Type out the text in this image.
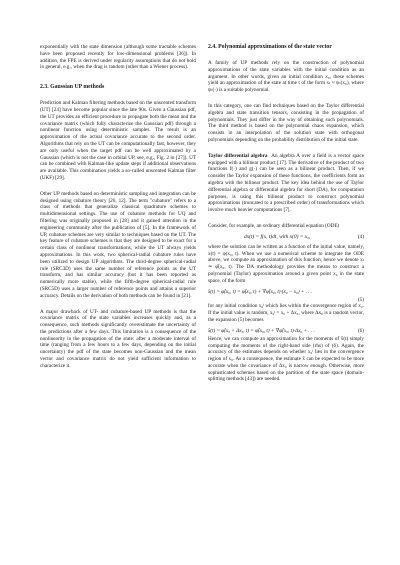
exponentially with the state dimension (although some tractable schemes have been proposed recently for low-dimensional problems [36]). In addition, the FPE is derived under regularity assumptions that do not hold in general, e.g., when the drag is random (other than a Wiener process).

2.3. Gaussian UP methods

Prediction and Kalman filtering methods based on the unscented transform (UT) [24] have become popular since the late 90s. Given a Gaussian pdf, the UT provides an efficient procedure to propagate both the mean and the covariance matrix (which fully characterize the Gaussian pdf) through a nonlinear function using deterministic samples. The result is an approximation of the actual covariance accurate to the second order. Algorithms that rely on the UT can be computationally fast, however, they are only useful when the target pdf can be well approximated by a Gaussian (which is not the case in orbital UP, see, e.g., Fig. 2 in [27]). UT can be combined with Kalman-like update steps if additional observations are available. This combination yields a so-called unscented Kalman filter (UKF) [29].

Other UP methods based on deterministic sampling and integration can be designed using cubature theory [26, 12]. The term "cubature" refers to a class of methods that generalize classical quadrature schemes to multidimensional settings. The use of cubature methods for UQ and filtering was originally proposed in [28] and it gained attention in the engineering community after the publication of [5]. In the framework of UP, cubature schemes are very similar to techniques based on the UT. The key feature of cubature schemes is that they are designed to be exact for a certain class of nonlinear transformations, while the UT always yields approximations. In this work, two spherical-radial cubature rules have been utilized to design UP algorithms. The third-degree spherical-radial rule (SRC3D) uses the same number of reference points as the UT transform, and has similar accuracy (but it has been reported as numerically more stable), while the fifth-degree spherical-radial rule (SRC5D) uses a larger number of reference points and attains a superior accuracy. Details on the derivation of both methods can be found in [21].

A major drawback of UT- and cubature-based UP methods is that the covariance matrix of the state variables increases quickly and, as a consequence, such methods significantly overestimate the uncertainty of the predictions after a few days. This limitation is a consequence of the nonlinearity in the propagation of the state: after a moderate interval of time (ranging from a few hours to a few days, depending on the initial uncertainty) the pdf of the state becomes non-Gaussian and the mean vector and covariance matrix do not yield sufficient information to characterize it.

2.4. Polynomial approximations of the state vector

A family of UP methods rely on the construction of polynomial approximations of the state variables with the initial condition as an argument. In other words, given an initial condition x₀, these schemes yield an approximation of the state at time t of the form xₜ ≈ ψₜ(x₀), where ψₜ(·) is a suitable polynomial.

In this category, one can find techniques based on the Taylor differential algebra and state transition tensors, consisting in the propagation of polynomials. They just differ in the way of obtaining such polynomials. The third method is based on the polynomial chaos expansion, which consists in an interpolation of the solution state with orthogonal polynomials depending on the probability distribution of the initial state.

Taylor differential algebra An algebra A over a field is a vector space equipped with a bilinear product [17]. The derivative of the product of two functions f(·) and g(·) can be seen as a bilinear product. Then, if we consider the Taylor expansion of these functions, the coefficients form an algebra with the bilinear product. The key idea behind the use of Taylor differential algebra or differential algebra for short (DA), for computation purposes, is using this bilinear product to construct polynomial approximations (truncated to a prescribed order) of transformations which involve much heavier computations [7].

Consider, for example, an ordinary differential equation (ODE)

dx(t) = f(x, t)dt, with x(0) = x₀,	(4)

where the solution can be written as a function of the initial value, namely, x(t) = φ(x₀, t). When we use a numerical scheme to integrate the ODE above, we compute an approximation of this function, hence we denote xₜ ≃ φ̂(x₀, t). The DA methodology provides the means to construct a polynomial (Taylor) approximation around a given point x₀ in the state space, of the form

x̂(t) = φ̂(x₀, t) = φ̂(x₀, t) + ∇φ̂(x₀, t)·(x₀ − x₀) + . . .
(5)

for any initial condition x₀ʲ which lies within the convergence region of x₀. If the initial value is random, x₀ʲ = x₀ + Δx₀, where Δx₀ is a random vector, the expansion (5) becomes

x̂(t) = φ̂(x₀ + Δx₀, t) = φ̂(x₀, t) + ∇φ̂(x₀, t)·Δx₀ + . . .	(6)

Hence, we can compute an approximation for the moments of x̂(t) simply computing the moments of the right-hand side (rhs) of (6). Again, the accuracy of the estimates depends on whether x₀ʲ lies in the convergence region of x₀. As a consequence, the estimate x̂ can be expected to be more accurate when the covariance of Δx₀ is narrow enough. Otherwise, more sophisticated schemes based on the partition of the state space (domain-splitting methods [43]) are needed.
